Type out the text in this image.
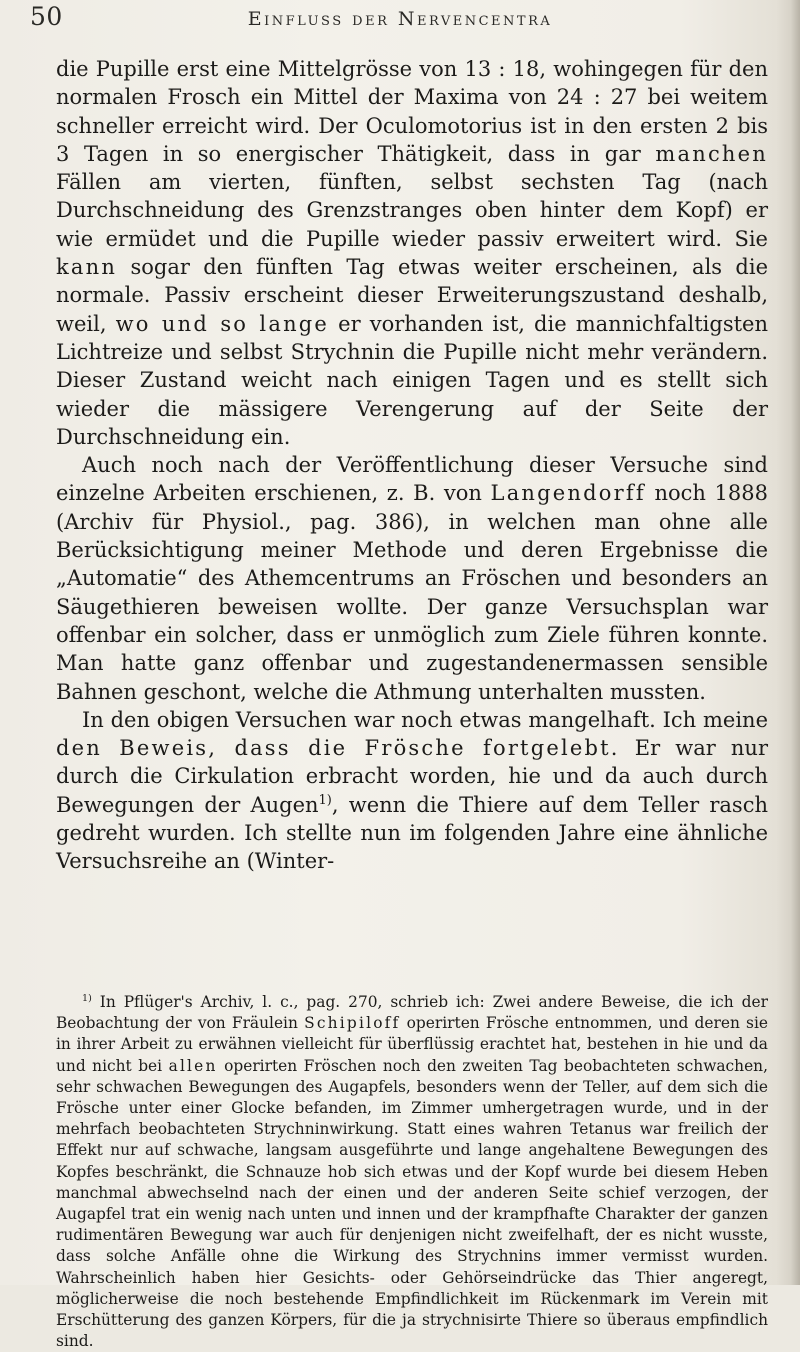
50	Einfluss der Nervencentra

die Pupille erst eine Mittelgrösse von 13 : 18, wohingegen für den normalen Frosch ein Mittel der Maxima von 24 : 27 bei weitem schneller erreicht wird. Der Oculomotorius ist in den ersten 2 bis 3 Tagen in so energischer Thätigkeit, dass in gar manchen Fällen am vierten, fünften, selbst sechsten Tag (nach Durchschneidung des Grenzstranges oben hinter dem Kopf) er wie ermüdet und die Pupille wieder passiv erweitert wird. Sie kann sogar den fünften Tag etwas weiter erscheinen, als die normale. Passiv erscheint dieser Erweiterungszustand deshalb, weil, wo und so lange er vorhanden ist, die mannichfaltigsten Lichtreize und selbst Strychnin die Pupille nicht mehr verändern. Dieser Zustand weicht nach einigen Tagen und es stellt sich wieder die mässigere Verengerung auf der Seite der Durchschneidung ein.

Auch noch nach der Veröffentlichung dieser Versuche sind einzelne Arbeiten erschienen, z. B. von Langendorff noch 1888 (Archiv für Physiol., pag. 386), in welchen man ohne alle Berücksichtigung meiner Methode und deren Ergebnisse die „Automatie“ des Athemcentrums an Fröschen und besonders an Säugethieren beweisen wollte. Der ganze Versuchsplan war offenbar ein solcher, dass er unmöglich zum Ziele führen konnte. Man hatte ganz offenbar und zugestandenermassen sensible Bahnen geschont, welche die Athmung unterhalten mussten.

In den obigen Versuchen war noch etwas mangelhaft. Ich meine den Beweis, dass die Frösche fortgelebt. Er war nur durch die Cirkulation erbracht worden, hie und da auch durch Bewegungen der Augen$^{1)}$, wenn die Thiere auf dem Teller rasch gedreht wurden. Ich stellte nun im folgenden Jahre eine ähnliche Versuchsreihe an (Winter-

$^{1)}$ In Pflüger's Archiv, l. c., pag. 270, schrieb ich: Zwei andere Beweise, die ich der Beobachtung der von Fräulein Schipiloff operirten Frösche entnommen, und deren sie in ihrer Arbeit zu erwähnen vielleicht für überflüssig erachtet hat, bestehen in hie und da und nicht bei allen operirten Fröschen noch den zweiten Tag beobachteten schwachen, sehr schwachen Bewegungen des Augapfels, besonders wenn der Teller, auf dem sich die Frösche unter einer Glocke befanden, im Zimmer umhergetragen wurde, und in der mehrfach beobachteten Strychninwirkung. Statt eines wahren Tetanus war freilich der Effekt nur auf schwache, langsam ausgeführte und lange angehaltene Bewegungen des Kopfes beschränkt, die Schnauze hob sich etwas und der Kopf wurde bei diesem Heben manchmal abwechselnd nach der einen und der anderen Seite schief verzogen, der Augapfel trat ein wenig nach unten und innen und der krampfhafte Charakter der ganzen rudimentären Bewegung war auch für denjenigen nicht zweifelhaft, der es nicht wusste, dass solche Anfälle ohne die Wirkung des Strychnins immer vermisst wurden. Wahrscheinlich haben hier Gesichts- oder Gehörseindrücke das Thier angeregt, möglicherweise die noch bestehende Empfindlichkeit im Rückenmark im Verein mit Erschütterung des ganzen Körpers, für die ja strychnisirte Thiere so überaus empfindlich sind.
